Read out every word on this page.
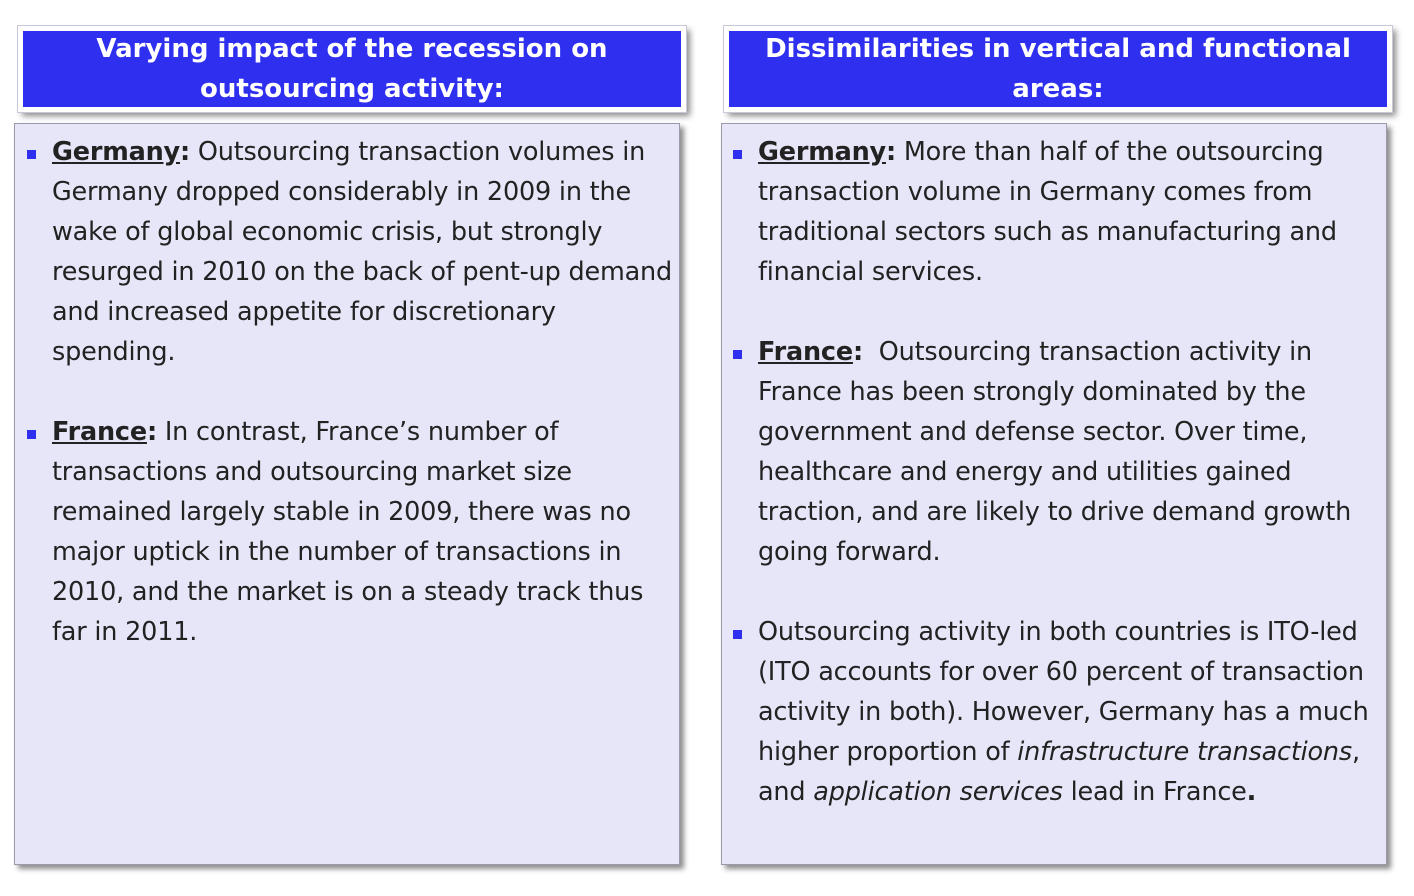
Varying impact of the recession on
outsourcing activity:
Dissimilarities in vertical and functional areas:
Germany: Outsourcing transaction volumes in Germany dropped considerably in 2009 in the wake of global economic crisis, but strongly resurged in 2010 on the back of pent-up demand and increased appetite for discretionary spending.
France: In contrast, France’s number of transactions and outsourcing market size remained largely stable in 2009, there was no major uptick in the number of transactions in 2010, and the market is on a steady track thus far in 2011.
Germany: More than half of the outsourcing transaction volume in Germany comes from traditional sectors such as manufacturing and financial services.
France:  Outsourcing transaction activity in France has been strongly dominated by the government and defense sector. Over time, healthcare and energy and utilities gained traction, and are likely to drive demand growth going forward.
Outsourcing activity in both countries is ITO-led (ITO accounts for over 60 percent of transaction activity in both). However, Germany has a much higher proportion of infrastructure transactions, and application services lead in France.
